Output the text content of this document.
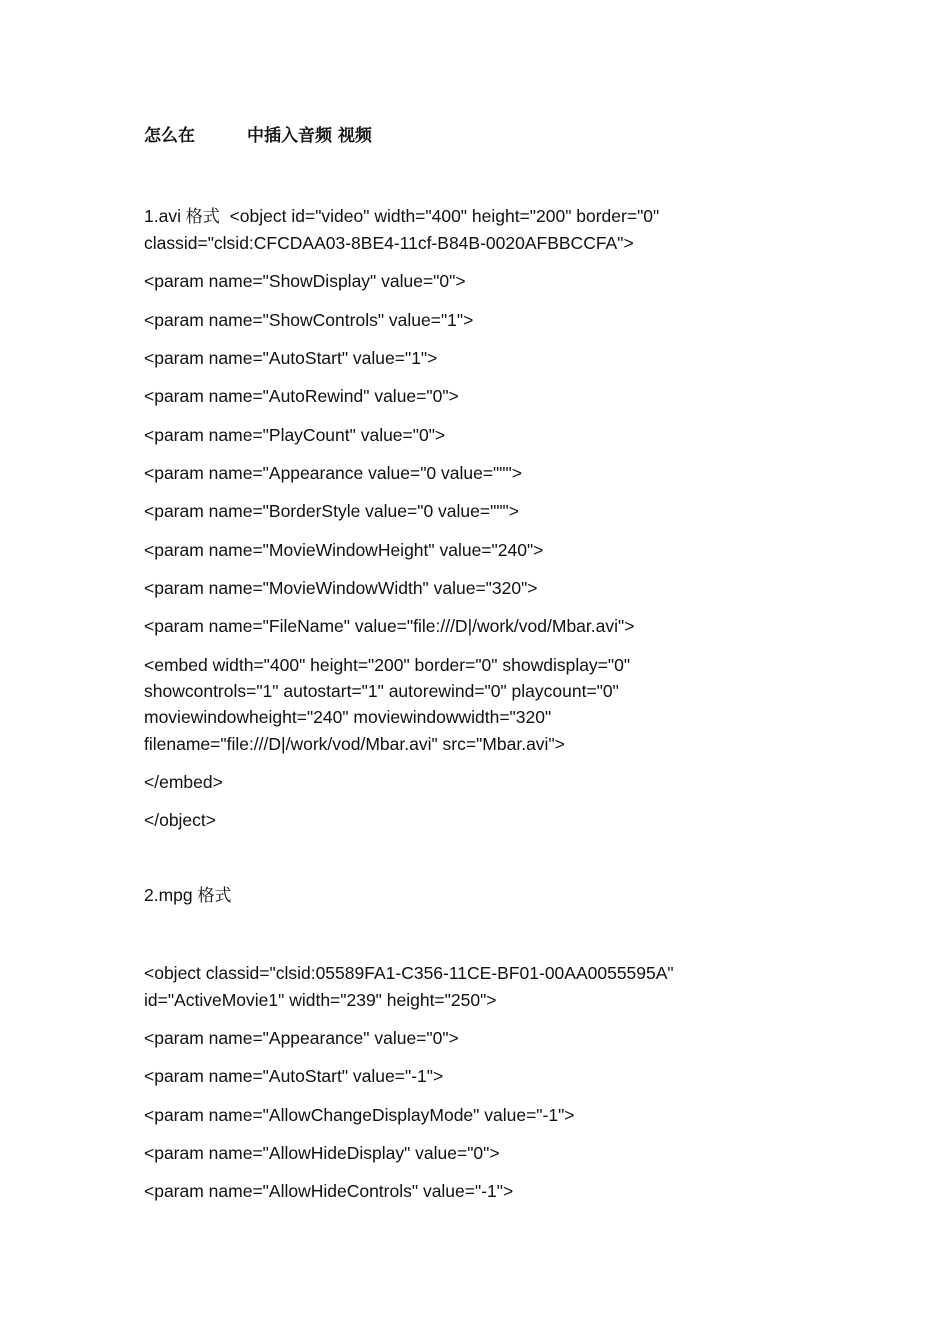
怎么在	中插入音频 视频
1.avi 格式 <object id="video" width="400" height="200" border="0"
classid="clsid:CFCDAA03-8BE4-11cf-B84B-0020AFBBCCFA">
<param name="ShowDisplay" value="0">
<param name="ShowControls" value="1">
<param name="AutoStart" value="1">
<param name="AutoRewind" value="0">
<param name="PlayCount" value="0">
<param name="Appearance value="0 value=""">
<param name="BorderStyle value="0 value=""">
<param name="MovieWindowHeight" value="240">
<param name="MovieWindowWidth" value="320">
<param name="FileName" value="file:///D|/work/vod/Mbar.avi">
<embed width="400" height="200" border="0" showdisplay="0"
showcontrols="1" autostart="1" autorewind="0" playcount="0"
moviewindowheight="240" moviewindowwidth="320"
filename="file:///D|/work/vod/Mbar.avi" src="Mbar.avi">
</embed>
</object>
2.mpg 格式
<object classid="clsid:05589FA1-C356-11CE-BF01-00AA0055595A"
id="ActiveMovie1" width="239" height="250">
<param name="Appearance" value="0">
<param name="AutoStart" value="-1">
<param name="AllowChangeDisplayMode" value="-1">
<param name="AllowHideDisplay" value="0">
<param name="AllowHideControls" value="-1">
